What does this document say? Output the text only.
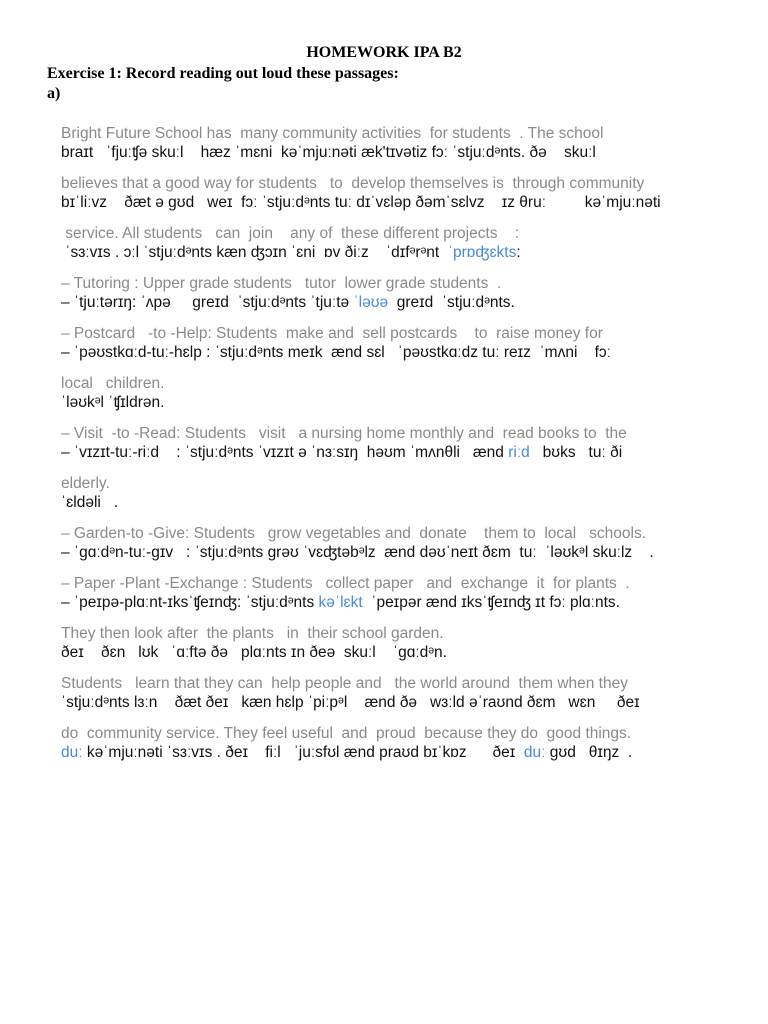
HOMEWORK IPA B2
Exercise 1: Record reading out loud these passages:
a)
Bright Future School has  many community activities  for students  . The school
braɪt   ˈfjuːʧə skuːl    hæz ˈmɛni  kəˈmjuːnəti æk'tɪvətiz fɔː ˈstjuːdᵊnts. ðə    skuːl
believes that a good way for students   to  develop themselves is  through community
bɪˈliːvz    ðæt ə ɡʊd   weɪ  fɔː ˈstjuːdᵊnts tuː dɪˈvɛləp ðəmˈsɛlvz    ɪz θruː         kəˈmjuːnəti
service. All students   can  join    any of  these different projects    :
ˈsɜːvɪs . ɔːl ˈstjuːdᵊnts kæn ʤɔɪn ˈɛni  ɒv ðiːz    ˈdɪfᵊrᵊnt  ˈprɒʤɛkts:
– Tutoring : Upper grade students   tutor  lower grade students  .
– ˈtjuːtərɪŋ: ˈʌpə     ɡreɪd  ˈstjuːdᵊnts ˈtjuːtə ˈləʊə  ɡreɪd  ˈstjuːdᵊnts.
– Postcard   -to -Help: Students  make and  sell postcards    to  raise money for
– ˈpəʊstkɑːd-tuː-hɛlp : ˈstjuːdᵊnts meɪk  ænd sɛl   ˈpəʊstkɑːdz tuː reɪz  ˈmʌni    fɔː
local   children.
ˈləʊkᵊl ˈʧɪldrən.
– Visit  -to -Read: Students   visit   a nursing home monthly and  read books to  the
– ˈvɪzɪt-tuː-riːd    : ˈstjuːdᵊnts ˈvɪzɪt ə ˈnɜːsɪŋ  həʊm ˈmʌnθli   ænd riːd   bʊks   tuː ði
elderly.
ˈɛldəli   .
– Garden-to -Give: Students   grow vegetables and  donate    them to  local   schools.
– ˈɡɑːdᵊn-tuː-ɡɪv   : ˈstjuːdᵊnts ɡrəʊ ˈvɛʤtəbᵊlz  ænd dəʊˈneɪt ðɛm  tuː  ˈləʊkᵊl skuːlz    .
– Paper -Plant -Exchange : Students   collect paper   and  exchange  it  for plants  .
– ˈpeɪpə-plɑːnt-ɪksˈʧeɪnʤ: ˈstjuːdᵊnts kəˈlɛkt  ˈpeɪpər ænd ɪksˈʧeɪnʤ ɪt fɔː plɑːnts.
They then look after  the plants   in  their school garden.
ðeɪ    ðɛn   lʊk   ˈɑːftə ðə   plɑːnts ɪn ðeə  skuːl    ˈɡɑːdᵊn.
Students   learn that they can  help people and   the world around  them when they
ˈstjuːdᵊnts lɜːn    ðæt ðeɪ   kæn hɛlp ˈpiːpᵊl    ænd ðə   wɜːld əˈraʊnd ðɛm   wɛn     ðeɪ
do  community service. They feel useful  and  proud  because they do  good things.
duː kəˈmjuːnəti ˈsɜːvɪs . ðeɪ    fiːl   ˈjuːsfʊl ænd praʊd bɪˈkɒz      ðeɪ  duː ɡʊd   θɪŋz  .
